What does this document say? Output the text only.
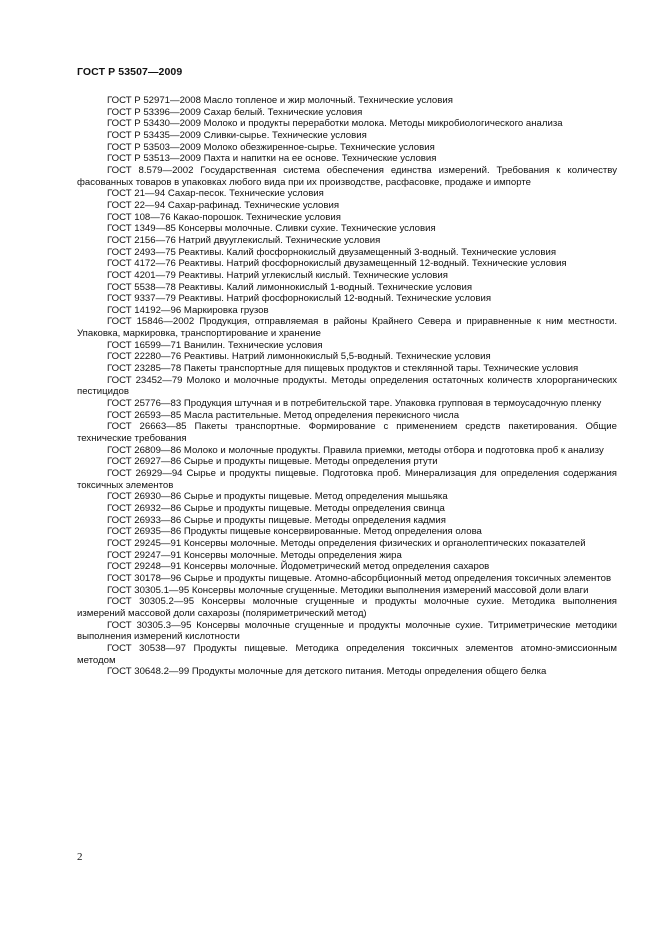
ГОСТ Р 53507—2009
ГОСТ Р 52971—2008 Масло топленое и жир молочный. Технические условия
ГОСТ Р 53396—2009 Сахар белый. Технические условия
ГОСТ Р 53430—2009 Молоко и продукты переработки молока. Методы микробиологического анализа
ГОСТ Р 53435—2009 Сливки-сырье. Технические условия
ГОСТ Р 53503—2009 Молоко обезжиренное-сырье. Технические условия
ГОСТ Р 53513—2009 Пахта и напитки на ее основе. Технические условия
ГОСТ 8.579—2002 Государственная система обеспечения единства измерений. Требования к количеству фасованных товаров в упаковках любого вида при их производстве, расфасовке, продаже и импорте
ГОСТ 21—94 Сахар-песок. Технические условия
ГОСТ 22—94 Сахар-рафинад. Технические условия
ГОСТ 108—76 Какао-порошок. Технические условия
ГОСТ 1349—85 Консервы молочные. Сливки сухие. Технические условия
ГОСТ 2156—76 Натрий двууглекислый. Технические условия
ГОСТ 2493—75 Реактивы. Калий фосфорнокислый двузамещенный 3-водный. Технические условия
ГОСТ 4172—76 Реактивы. Натрий фосфорнокислый двузамещенный 12-водный. Технические условия
ГОСТ 4201—79 Реактивы. Натрий углекислый кислый. Технические условия
ГОСТ 5538—78 Реактивы. Калий лимоннокислый 1-водный. Технические условия
ГОСТ 9337—79 Реактивы. Натрий фосфорнокислый 12-водный. Технические условия
ГОСТ 14192—96 Маркировка грузов
ГОСТ 15846—2002 Продукция, отправляемая в районы Крайнего Севера и приравненные к ним местности. Упаковка, маркировка, транспортирование и хранение
ГОСТ 16599—71 Ванилин. Технические условия
ГОСТ 22280—76 Реактивы. Натрий лимоннокислый 5,5-водный. Технические условия
ГОСТ 23285—78 Пакеты транспортные для пищевых продуктов и стеклянной тары. Технические условия
ГОСТ 23452—79 Молоко и молочные продукты. Методы определения остаточных количеств хлорорганических пестицидов
ГОСТ 25776—83 Продукция штучная и в потребительской таре. Упаковка групповая в термоусадочную пленку
ГОСТ 26593—85 Масла растительные. Метод определения перекисного числа
ГОСТ 26663—85 Пакеты транспортные. Формирование с применением средств пакетирования. Общие технические требования
ГОСТ 26809—86 Молоко и молочные продукты. Правила приемки, методы отбора и подготовка проб к анализу
ГОСТ 26927—86 Сырье и продукты пищевые. Методы определения ртути
ГОСТ 26929—94 Сырье и продукты пищевые. Подготовка проб. Минерализация для определения содержания токсичных элементов
ГОСТ 26930—86 Сырье и продукты пищевые. Метод определения мышьяка
ГОСТ 26932—86 Сырье и продукты пищевые. Методы определения свинца
ГОСТ 26933—86 Сырье и продукты пищевые. Методы определения кадмия
ГОСТ 26935—86 Продукты пищевые консервированные. Метод определения олова
ГОСТ 29245—91 Консервы молочные. Методы определения физических и органолептических показателей
ГОСТ 29247—91 Консервы молочные. Методы определения жира
ГОСТ 29248—91 Консервы молочные. Йодометрический метод определения сахаров
ГОСТ 30178—96 Сырье и продукты пищевые. Атомно-абсорбционный метод определения токсичных элементов
ГОСТ 30305.1—95 Консервы молочные сгущенные. Методики выполнения измерений массовой доли влаги
ГОСТ 30305.2—95 Консервы молочные сгущенные и продукты молочные сухие. Методика выполнения измерений массовой доли сахарозы (поляриметрический метод)
ГОСТ 30305.3—95 Консервы молочные сгущенные и продукты молочные сухие. Титриметрические методики выполнения измерений кислотности
ГОСТ 30538—97 Продукты пищевые. Методика определения токсичных элементов атомно-эмиссионным методом
ГОСТ 30648.2—99 Продукты молочные для детского питания. Методы определения общего белка
2
